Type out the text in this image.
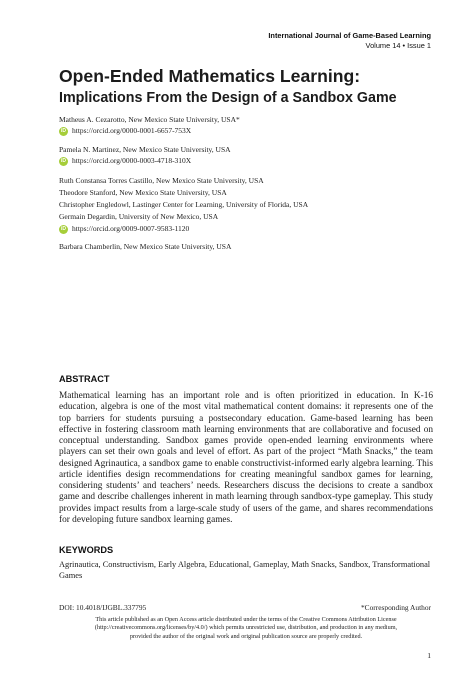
International Journal of Game-Based Learning
Volume 14 • Issue 1
Open-Ended Mathematics Learning:
Implications From the Design of a Sandbox Game
Matheus A. Cezarotto, New Mexico State University, USA*
iD https://orcid.org/0000-0001-6657-753X
Pamela N. Martinez, New Mexico State University, USA
iD https://orcid.org/0000-0003-4718-310X
Ruth Constansa Torres Castillo, New Mexico State University, USA
Theodore Stanford, New Mexico State University, USA
Christopher Engledowl, Lastinger Center for Learning, University of Florida, USA
Germain Degardin, University of New Mexico, USA
iD https://orcid.org/0009-0007-9583-1120
Barbara Chamberlin, New Mexico State University, USA
ABSTRACT
Mathematical learning has an important role and is often prioritized in education. In K-16 education, algebra is one of the most vital mathematical content domains: it represents one of the top barriers for students pursuing a postsecondary education. Game-based learning has been effective in fostering classroom math learning environments that are collaborative and focused on conceptual understanding. Sandbox games provide open-ended learning environments where players can set their own goals and level of effort. As part of the project “Math Snacks,” the team designed Agrinautica, a sandbox game to enable constructivist-informed early algebra learning. This article identifies design recommendations for creating meaningful sandbox games for learning, considering students’ and teachers’ needs. Researchers discuss the decisions to create a sandbox game and describe challenges inherent in math learning through sandbox-type gameplay. This study provides impact results from a large-scale study of users of the game, and shares recommendations for developing future sandbox learning games.
KEYWORDS
Agrinautica, Constructivism, Early Algebra, Educational, Gameplay, Math Snacks, Sandbox, Transformational Games
DOI: 10.4018/IJGBL.337795	*Corresponding Author
This article published as an Open Access article distributed under the terms of the Creative Commons Attribution License
(http://creativecommons.org/licenses/by/4.0/) which permits unrestricted use, distribution, and production in any medium,
provided the author of the original work and original publication source are properly credited.
1
